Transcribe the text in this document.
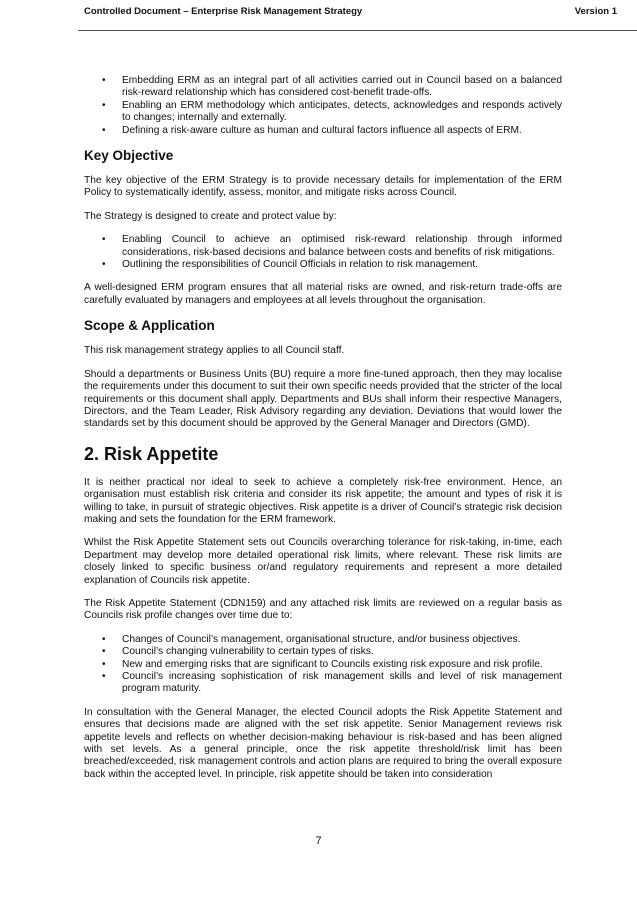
Controlled Document – Enterprise Risk Management Strategy	Version 1
• Embedding ERM as an integral part of all activities carried out in Council based on a balanced risk-reward relationship which has considered cost-benefit trade-offs.
• Enabling an ERM methodology which anticipates, detects, acknowledges and responds actively to changes; internally and externally.
• Defining a risk-aware culture as human and cultural factors influence all aspects of ERM.
Key Objective

The key objective of the ERM Strategy is to provide necessary details for implementation of the ERM Policy to systematically identify, assess, monitor, and mitigate risks across Council.

The Strategy is designed to create and protect value by:

• Enabling Council to achieve an optimised risk-reward relationship through informed considerations, risk-based decisions and balance between costs and benefits of risk mitigations.
• Outlining the responsibilities of Council Officials in relation to risk management.

A well-designed ERM program ensures that all material risks are owned, and risk-return trade-offs are carefully evaluated by managers and employees at all levels throughout the organisation.

Scope & Application

This risk management strategy applies to all Council staff.

Should a departments or Business Units (BU) require a more fine-tuned approach, then they may localise the requirements under this document to suit their own specific needs provided that the stricter of the local requirements or this document shall apply. Departments and BUs shall inform their respective Managers, Directors, and the Team Leader, Risk Advisory regarding any deviation. Deviations that would lower the standards set by this document should be approved by the General Manager and Directors (GMD).

2. Risk Appetite

It is neither practical nor ideal to seek to achieve a completely risk-free environment. Hence, an organisation must establish risk criteria and consider its risk appetite; the amount and types of risk it is willing to take, in pursuit of strategic objectives. Risk appetite is a driver of Council’s strategic risk decision making and sets the foundation for the ERM framework.

Whilst the Risk Appetite Statement sets out Councils overarching tolerance for risk-taking, in-time, each Department may develop more detailed operational risk limits, where relevant. These risk limits are closely linked to specific business or/and regulatory requirements and represent a more detailed explanation of Councils risk appetite.

The Risk Appetite Statement (CDN159) and any attached risk limits are reviewed on a regular basis as Councils risk profile changes over time due to:

• Changes of Council’s management, organisational structure, and/or business objectives.
• Council’s changing vulnerability to certain types of risks.
• New and emerging risks that are significant to Councils existing risk exposure and risk profile.
• Council’s increasing sophistication of risk management skills and level of risk management program maturity.

In consultation with the General Manager, the elected Council adopts the Risk Appetite Statement and ensures that decisions made are aligned with the set risk appetite. Senior Management reviews risk appetite levels and reflects on whether decision-making behaviour is risk-based and has been aligned with set levels. As a general principle, once the risk appetite threshold/risk limit has been breached/exceeded, risk management controls and action plans are required to bring the overall exposure back within the accepted level. In principle, risk appetite should be taken into consideration

7
